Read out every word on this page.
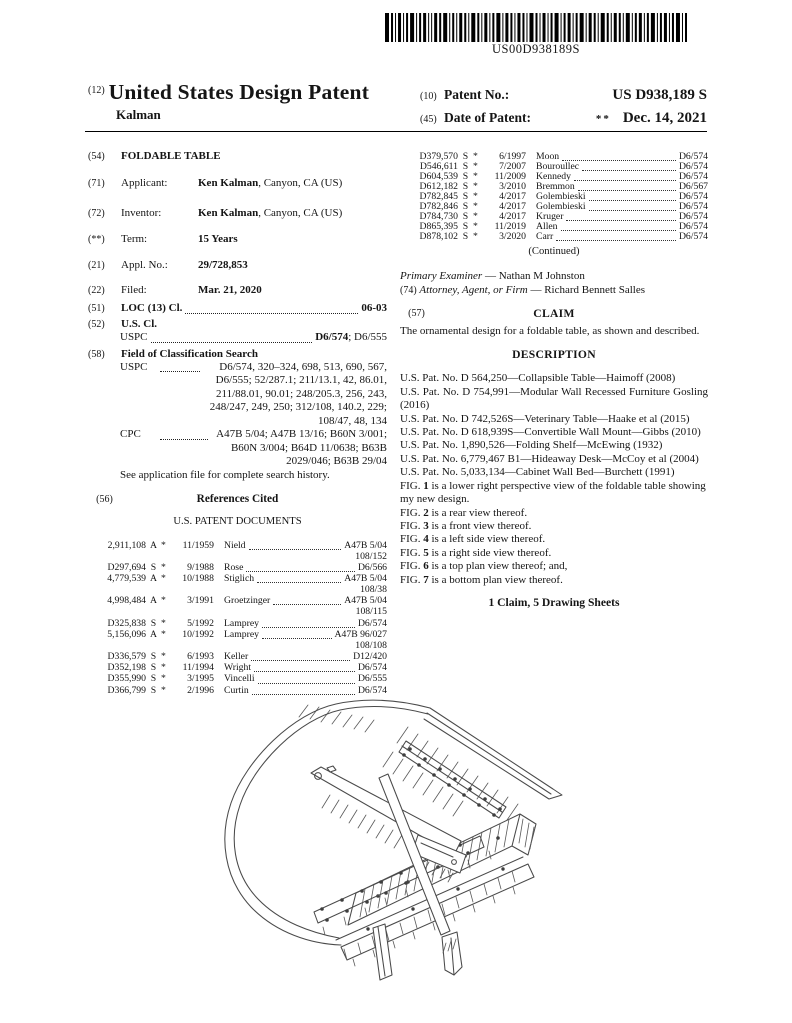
US00D938189S
$^{(12)}$ United States Design Patent
Kalman
(10) Patent No.:	US D938,189 S
(45) Date of Patent:	** Dec. 14, 2021
(54)	FOLDABLE TABLE
(71)	Applicant:	Ken Kalman, Canyon, CA (US)
(72)	Inventor:	Ken Kalman, Canyon, CA (US)
(**)	Term:	15 Years
(21)	Appl. No.:	29/728,853
(22)	Filed:	Mar. 21, 2020
(51)	LOC (13) Cl.	06-03
(52)	U.S. Cl.
USPC	D6/574; D6/555
(58)	Field of Classification Search
USPC	D6/574, 320–324, 698, 513, 690, 567,
D6/555; 52/287.1; 211/13.1, 42, 86.01,
211/88.01, 90.01; 248/205.3, 256, 243,
248/247, 249, 250; 312/108, 140.2, 229;
108/47, 48, 134
CPC	A47B 5/04; A47B 13/16; B60N 3/001;
B60N 3/004; B64D 11/0638; B63B
2029/046; B63B 29/04
See application file for complete search history.
(56)	References Cited
U.S. PATENT DOCUMENTS
2,911,108 A *	11/1959 Nield	A47B 5/04
108/152
D297,694 S *	9/1988 Rose	D6/566
4,779,539 A *	10/1988 Stiglich	A47B 5/04
108/38
4,998,484 A *	3/1991 Groetzinger	A47B 5/04
108/115
D325,838 S *	5/1992 Lamprey	D6/574
5,156,096 A *	10/1992 Lamprey	A47B 96/027
108/108
D336,579 S *	6/1993 Keller	D12/420
D352,198 S *	11/1994 Wright	D6/574
D355,990 S *	3/1995 Vincelli	D6/555
D366,799 S *	2/1996 Curtin	D6/574
D379,570 S *	6/1997 Moon	D6/574
D546,611 S *	7/2007 Bouroullec	D6/574
D604,539 S *	11/2009 Kennedy	D6/574
D612,182 S *	3/2010 Bremmon	D6/567
D782,845 S *	4/2017 Golembieski	D6/574
D782,846 S *	4/2017 Golembieski	D6/574
D784,730 S *	4/2017 Kruger	D6/574
D865,395 S *	11/2019 Allen	D6/574
D878,102 S *	3/2020 Carr	D6/574
(Continued)
Primary Examiner — Nathan M Johnston
(74) Attorney, Agent, or Firm — Richard Bennett Salles
(57)	CLAIM

The ornamental design for a foldable table, as shown and described.

DESCRIPTION

U.S. Pat. No. D 564,250—Collapsible Table—Haimoff (2008)

U.S. Pat. No. D 754,991—Modular Wall Recessed Furniture Gosling (2016)

U.S. Pat. No. D 742,526S—Veterinary Table—Haake et al (2015)

U.S. Pat. No. D 618,939S—Convertible Wall Mount—Gibbs (2010)

U.S. Pat. No. 1,890,526—Folding Shelf—McEwing (1932)

U.S. Pat. No. 6,779,467 B1—Hideaway Desk—McCoy et al (2004)

U.S. Pat. No. 5,033,134—Cabinet Wall Bed—Burchett (1991)

FIG. 1 is a lower right perspective view of the foldable table showing my new design.

FIG. 2 is a rear view thereof.

FIG. 3 is a front view thereof.

FIG. 4 is a left side view thereof.

FIG. 5 is a right side view thereof.

FIG. 6 is a top plan view thereof; and,

FIG. 7 is a bottom plan view thereof.

1 Claim, 5 Drawing Sheets
